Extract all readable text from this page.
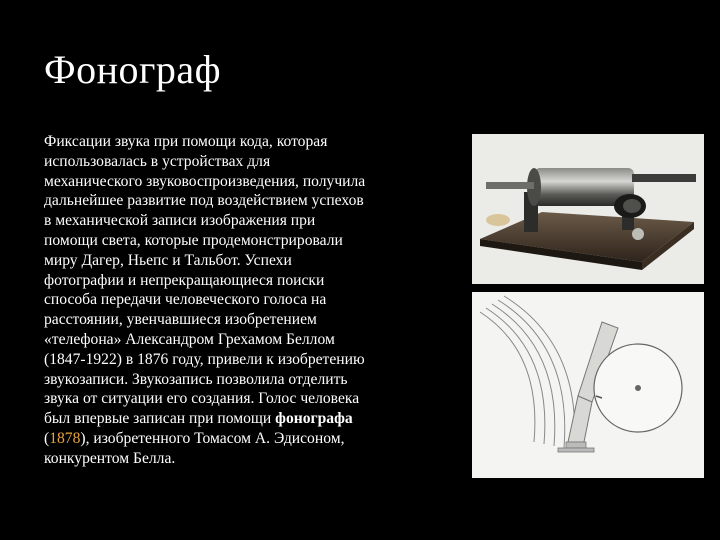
Фонограф

Фиксации звука при помощи кода, которая
использовалась в устройствах для
механического звуковоспроизведения, получила
дальнейшее развитие под воздействием успехов
в механической записи изображения при
помощи света, которые продемонстрировали
миру Дагер, Ньепс и Тальбот. Успехи
фотографии и непрекращающиеся поиски
способа передачи человеческого голоса на
расстоянии, увенчавшиеся изобретением
«телефона» Александром Грехамом Беллом
(1847-1922) в 1876 году, привели к изобретению
звукозаписи. Звукозапись позволила отделить
звука от ситуации его создания. Голос человека
был впервые записан при помощи фонографа
(1878), изобретенного Томасом А. Эдисоном,
конкурентом Белла.
